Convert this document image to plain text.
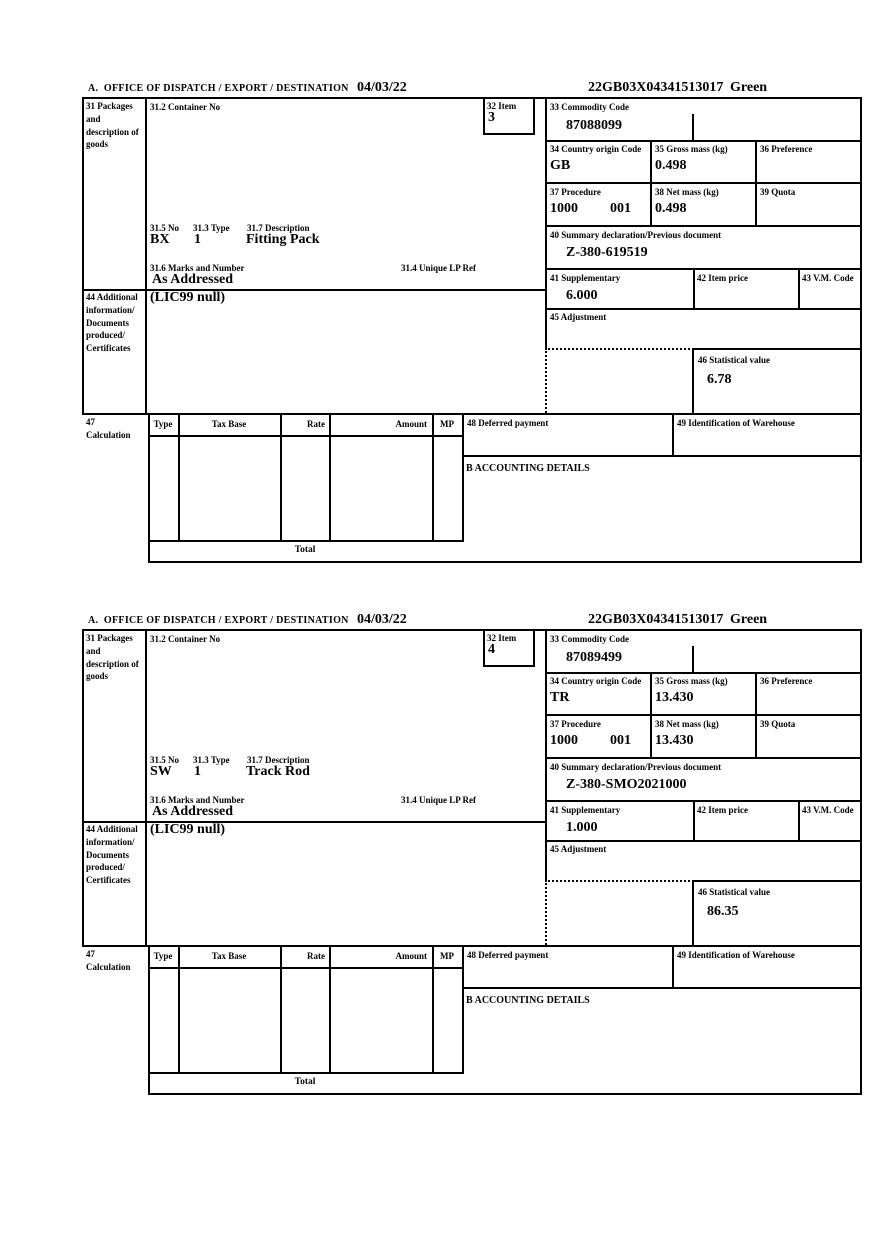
A.  OFFICE OF DISPATCH / EXPORT / DESTINATION 04/03/22	22GB03X04341513017 Green
31 Packages and description of goods
31.2 Container No	32 Item
3
33 Commodity Code
87088099
34 Country origin Code
GB
35 Gross mass (kg)
0.498
36 Preference
37 Procedure
1000 001
38 Net mass (kg)
0.498
39 Quota
31.5 No 31.3 Type 31.7 Description
BX 1	Fitting Pack
31.6 Marks and Number	31.4 Unique LP Ref
As Addressed
40 Summary declaration/Previous document
Z-380-619519
41 Supplementary
6.000
42 Item price	43 V.M. Code
44 Additional information/ Documents produced/ Certificates
(LIC99 null)
45 Adjustment
46 Statistical value
6.78
47 Calculation
Type	Tax Base	Rate	Amount	MP
Total
48 Deferred payment	49 Identification of Warehouse
B ACCOUNTING DETAILS
A.  OFFICE OF DISPATCH / EXPORT / DESTINATION 04/03/22	22GB03X04341513017 Green
31 Packages and description of goods
31.2 Container No	32 Item
4
33 Commodity Code
87089499
34 Country origin Code
TR
35 Gross mass (kg)
13.430
36 Preference
37 Procedure
1000 001
38 Net mass (kg)
13.430
39 Quota
31.5 No 31.3 Type 31.7 Description
SW 1	Track Rod
31.6 Marks and Number	31.4 Unique LP Ref
As Addressed
40 Summary declaration/Previous document
Z-380-SMO2021000
41 Supplementary
1.000
42 Item price	43 V.M. Code
44 Additional information/ Documents produced/ Certificates
(LIC99 null)
45 Adjustment
46 Statistical value
86.35
47 Calculation
Type	Tax Base	Rate	Amount	MP
Total
48 Deferred payment	49 Identification of Warehouse
B ACCOUNTING DETAILS
